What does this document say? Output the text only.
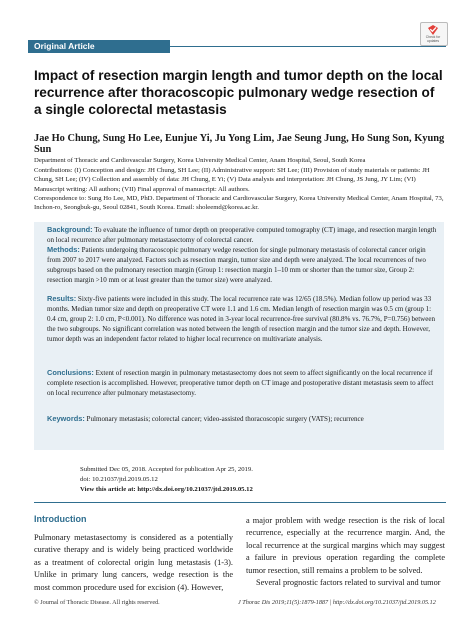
Original Article
Check for updates
Impact of resection margin length and tumor depth on the local recurrence after thoracoscopic pulmonary wedge resection of a single colorectal metastasis
Jae Ho Chung, Sung Ho Lee, Eunjue Yi, Ju Yong Lim, Jae Seung Jung, Ho Sung Son, Kyung Sun
Department of Thoracic and Cardiovascular Surgery, Korea University Medical Center, Anam Hospital, Seoul, South Korea
Contributions: (I) Conception and design: JH Chung, SH Lee; (II) Administrative support: SH Lee; (III) Provision of study materials or patients: JH Chung, SH Lee; (IV) Collection and assembly of data: JH Chung, E Yi; (V) Data analysis and interpretation: JH Chung, JS Jung, JY Lim; (VI) Manuscript writing: All authors; (VII) Final approval of manuscript: All authors.
Correspondence to: Sung Ho Lee, MD, PhD. Department of Thoracic and Cardiovascular Surgery, Korea University Medical Center, Anam Hospital, 73, Inchon-ro, Seongbuk-gu, Seoul 02841, South Korea. Email: sholeemd@korea.ac.kr.
Background: To evaluate the influence of tumor depth on preoperative computed tomography (CT) image, and resection margin length on local recurrence after pulmonary metastasectomy of colorectal cancer.
Methods: Patients undergoing thoracoscopic pulmonary wedge resection for single pulmonary metastasis of colorectal cancer origin from 2007 to 2017 were analyzed. Factors such as resection margin, tumor size and depth were analyzed. The local recurrences of two subgroups based on the pulmonary resection margin (Group 1: resection margin 1–10 mm or shorter than the tumor size, Group 2: resection margin >10 mm or at least greater than the tumor size) were analyzed.
Results: Sixty-five patients were included in this study. The local recurrence rate was 12/65 (18.5%). Median follow up period was 33 months. Median tumor size and depth on preoperative CT were 1.1 and 1.6 cm. Median length of resection margin was 0.5 cm (group 1: 0.4 cm, group 2: 1.0 cm, P<0.001). No difference was noted in 3-year local recurrence-free survival (80.8% vs. 76.7%, P=0.756) between the two subgroups. No significant correlation was noted between the length of resection margin and the tumor size and depth. However, tumor depth was an independent factor related to higher local recurrence on multivariate analysis.
Conclusions: Extent of resection margin in pulmonary metastasectomy does not seem to affect significantly on the local recurrence if complete resection is accomplished. However, preoperative tumor depth on CT image and postoperative distant metastasis seem to affect on local recurrence after pulmonary metastasectomy.
Keywords: Pulmonary metastasis; colorectal cancer; video-assisted thoracoscopic surgery (VATS); recurrence
Submitted Dec 05, 2018. Accepted for publication Apr 25, 2019.
doi: 10.21037/jtd.2019.05.12
View this article at: http://dx.doi.org/10.21037/jtd.2019.05.12
Introduction
Pulmonary metastasectomy is considered as a potentially curative therapy and is widely being practiced worldwide as a treatment of colorectal origin lung metastasis (1-3). Unlike in primary lung cancers, wedge resection is the most common procedure used for excision (4). However,
a major problem with wedge resection is the risk of local recurrence, especially at the recurrence margin. And, the local recurrence at the surgical margins which may suggest a failure in previous operation regarding the complete tumor resection, still remains a problem to be solved.
Several prognostic factors related to survival and tumor
© Journal of Thoracic Disease. All rights reserved.	J Thorac Dis 2019;11(5):1879-1887 | http://dx.doi.org/10.21037/jtd.2019.05.12
